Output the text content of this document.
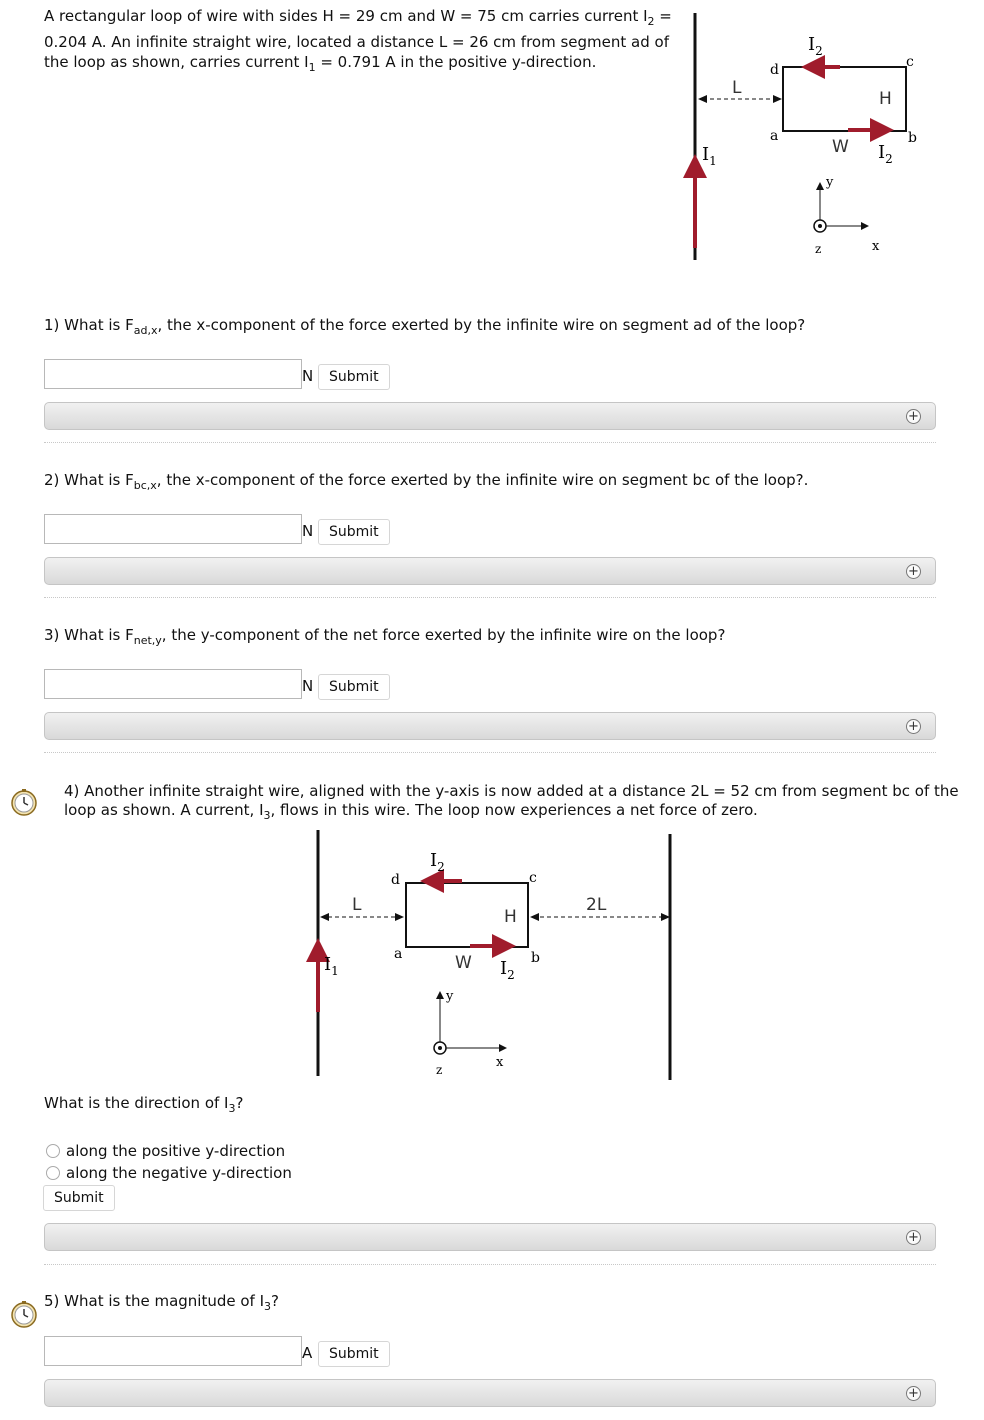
A rectangular loop of wire with sides H = 29 cm and W = 75 cm carries current $I_2 = 0.204$ A. An infinite straight wire, located a distance L = 26 cm from segment ad of the loop as shown, carries current $I_1 = 0.791$ A in the positive y-direction.
$I_1$
L
d
a
c
b
$I_2$
$I_2$
H
W
y
x
z
1) What is $F_{ad,x}$, the x-component of the force exerted by the infinite wire on segment ad of the loop?
N	Submit
+
2) What is $F_{bc,x}$, the x-component of the force exerted by the infinite wire on segment bc of the loop?.
N	Submit
+
3) What is $F_{net,y}$, the y-component of the net force exerted by the infinite wire on the loop?
N	Submit
+
4) Another infinite straight wire, aligned with the y-axis is now added at a distance 2L = 52 cm from segment bc of the
loop as shown. A current, $I_3$, flows in this wire. The loop now experiences a net force of zero.
$I_1$
L	2L
d
a
c
b
$I_2$
$I_2$
H
W
y
x
z
What is the direction of $I_3$?
along the positive y-direction
along the negative y-direction
Submit
+
5) What is the magnitude of $I_3$?
A	Submit
+
